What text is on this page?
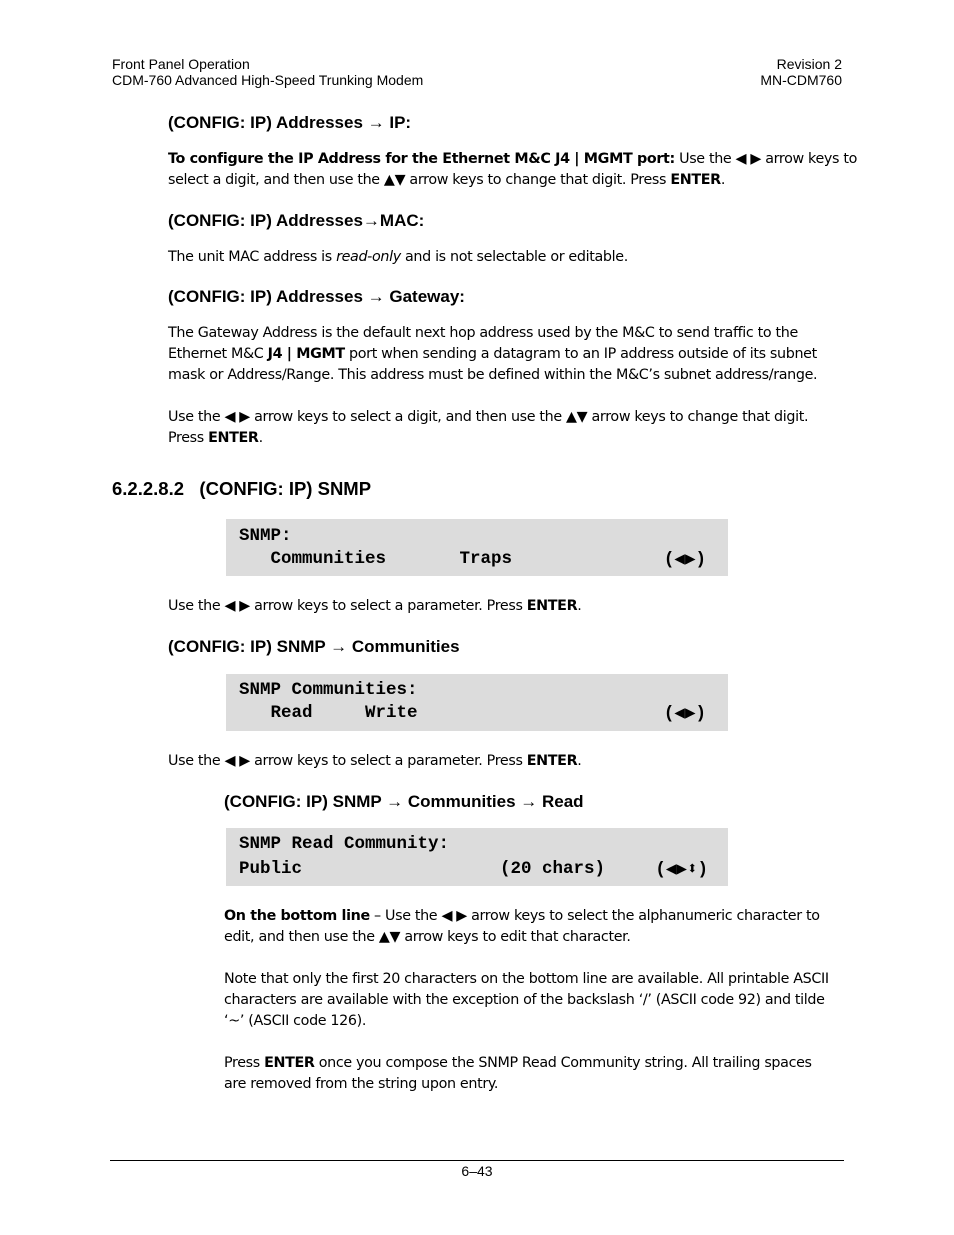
Front Panel Operation
CDM-760 Advanced High-Speed Trunking Modem
Revision 2
MN-CDM760
(CONFIG: IP) Addresses → IP:
To configure the IP Address for the Ethernet M&C J4 | MGMT port: Use the ◀ ▶ arrow keys to
select a digit, and then use the ▲▼ arrow keys to change that digit. Press ENTER.
(CONFIG: IP) Addresses→MAC:
The unit MAC address is read-only and is not selectable or editable.
(CONFIG: IP) Addresses → Gateway:
The Gateway Address is the default next hop address used by the M&C to send traffic to the
Ethernet M&C J4 | MGMT port when sending a datagram to an IP address outside of its subnet
mask or Address/Range. This address must be defined within the M&C’s subnet address/range.
Use the ◀ ▶ arrow keys to select a digit, and then use the ▲▼ arrow keys to change that digit.
Press ENTER.
6.2.2.8.2   (CONFIG: IP) SNMP
SNMP:
Communities       Traps	(◀▶)
Use the ◀ ▶ arrow keys to select a parameter. Press ENTER.
(CONFIG: IP) SNMP → Communities
SNMP Communities:
Read     Write	(◀▶)
Use the ◀ ▶ arrow keys to select a parameter. Press ENTER.
(CONFIG: IP) SNMP → Communities → Read
SNMP Read Community:
Public	(20 chars)	(◀▶⬍)
On the bottom line – Use the ◀ ▶ arrow keys to select the alphanumeric character to
edit, and then use the ▲▼ arrow keys to edit that character.
Note that only the first 20 characters on the bottom line are available. All printable ASCII
characters are available with the exception of the backslash ‘/’ (ASCII code 92) and tilde
‘~’ (ASCII code 126).
Press ENTER once you compose the SNMP Read Community string. All trailing spaces
are removed from the string upon entry.
6–43
